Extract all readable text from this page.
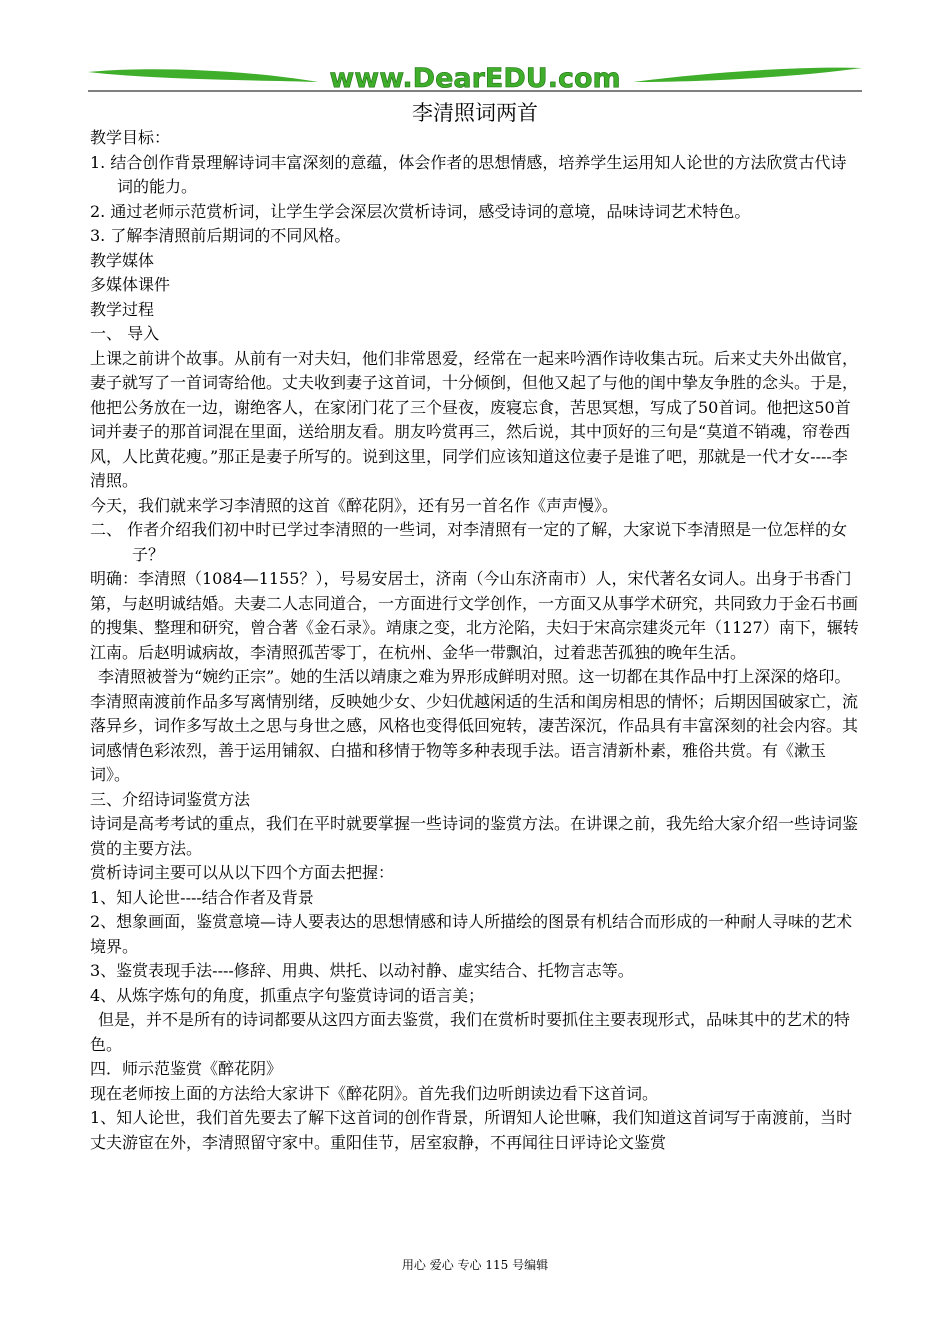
www.DearEDU.com
李清照词两首

教学目标：

1. 结合创作背景理解诗词丰富深刻的意蕴，体会作者的思想情感，培养学生运用知人论世的方法欣赏古代诗词的能力。

2. 通过老师示范赏析词，让学生学会深层次赏析诗词，感受诗词的意境，品味诗词艺术特色。

3. 了解李清照前后期词的不同风格。

教学媒体

多媒体课件

教学过程

一、 导入

上课之前讲个故事。从前有一对夫妇，他们非常恩爱，经常在一起来吟酒作诗收集古玩。后来丈夫外出做官，妻子就写了一首词寄给他。丈夫收到妻子这首词，十分倾倒，但他又起了与他的闺中挚友争胜的念头。于是，他把公务放在一边，谢绝客人，在家闭门花了三个昼夜，废寝忘食，苦思冥想，写成了50首词。他把这50首词并妻子的那首词混在里面，送给朋友看。朋友吟赏再三，然后说，其中顶好的三句是“莫道不销魂，帘卷西风，人比黄花瘦。”那正是妻子所写的。说到这里，同学们应该知道这位妻子是谁了吧，那就是一代才女----李清照。

今天，我们就来学习李清照的这首《醉花阴》，还有另一首名作《声声慢》。

二、 作者介绍我们初中时已学过李清照的一些词，对李清照有一定的了解，大家说下李清照是一位怎样的女子？

明确：李清照（1084—1155？），号易安居士，济南（今山东济南市）人，宋代著名女词人。出身于书香门第，与赵明诚结婚。夫妻二人志同道合，一方面进行文学创作，一方面又从事学术研究，共同致力于金石书画的搜集、整理和研究，曾合著《金石录》。靖康之变，北方沦陷，夫妇于宋高宗建炎元年（1127）南下，辗转江南。后赵明诚病故，李清照孤苦零丁，在杭州、金华一带飘泊，过着悲苦孤独的晚年生活。

李清照被誉为“婉约正宗”。她的生活以靖康之难为界形成鲜明对照。这一切都在其作品中打上深深的烙印。李清照南渡前作品多写离情别绪，反映她少女、少妇优越闲适的生活和闺房相思的情怀；后期因国破家亡，流落异乡，词作多写故土之思与身世之感，风格也变得低回宛转，凄苦深沉，作品具有丰富深刻的社会内容。其词感情色彩浓烈，善于运用铺叙、白描和移情于物等多种表现手法。语言清新朴素，雅俗共赏。有《漱玉词》。

三、介绍诗词鉴赏方法

诗词是高考考试的重点，我们在平时就要掌握一些诗词的鉴赏方法。在讲课之前，我先给大家介绍一些诗词鉴赏的主要方法。

赏析诗词主要可以从以下四个方面去把握：

1、知人论世----结合作者及背景

2、想象画面，鉴赏意境—诗人要表达的思想情感和诗人所描绘的图景有机结合而形成的一种耐人寻味的艺术境界。

3、鉴赏表现手法----修辞、用典、烘托、以动衬静、虚实结合、托物言志等。

4、从炼字炼句的角度，抓重点字句鉴赏诗词的语言美；

但是，并不是所有的诗词都要从这四方面去鉴赏，我们在赏析时要抓住主要表现形式，品味其中的艺术的特色。

四．师示范鉴赏《醉花阴》

现在老师按上面的方法给大家讲下《醉花阴》。首先我们边听朗读边看下这首词。

1、知人论世，我们首先要去了解下这首词的创作背景，所谓知人论世嘛，我们知道这首词写于南渡前，当时丈夫游宦在外，李清照留守家中。重阳佳节，居室寂静，不再闻往日评诗论文鉴赏

用心 爱心 专心 115 号编辑
